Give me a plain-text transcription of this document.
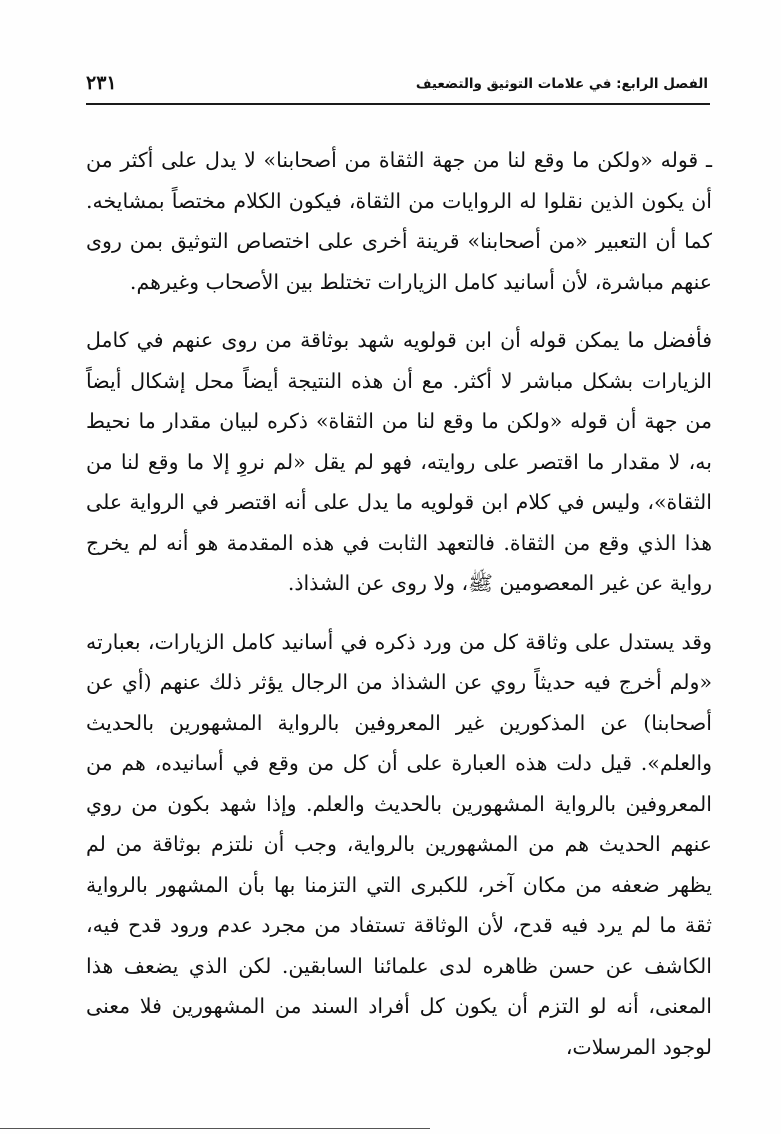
الفصل الرابع: في علامات التوثيق والتضعيف
٢٣١

ـ قوله «ولكن ما وقع لنا من جهة الثقاة من أصحابنا» لا يدل على أكثر من أن يكون الذين نقلوا له الروايات من الثقاة، فيكون الكلام مختصاً بمشايخه. كما أن التعبير «من أصحابنا» قرينة أخرى على اختصاص التوثيق بمن روى عنهم مباشرة، لأن أسانيد كامل الزيارات تختلط بين الأصحاب وغيرهم.

فأفضل ما يمكن قوله أن ابن قولويه شهد بوثاقة من روى عنهم في كامل الزيارات بشكل مباشر لا أكثر. مع أن هذه النتيجة أيضاً محل إشكال أيضاً من جهة أن قوله «ولكن ما وقع لنا من الثقاة» ذكره لبيان مقدار ما نحيط به، لا مقدار ما اقتصر على روايته، فهو لم يقل «لم نروِ إلا ما وقع لنا من الثقاة»، وليس في كلام ابن قولويه ما يدل على أنه اقتصر في الرواية على هذا الذي وقع من الثقاة. فالتعهد الثابت في هذه المقدمة هو أنه لم يخرج رواية عن غير المعصومين ﷺ، ولا روى عن الشذاذ.

وقد يستدل على وثاقة كل من ورد ذكره في أسانيد كامل الزيارات، بعبارته «ولم أخرج فيه حديثاً روي عن الشذاذ من الرجال يؤثر ذلك عنهم (أي عن أصحابنا) عن المذكورين غير المعروفين بالرواية المشهورين بالحديث والعلم». قيل دلت هذه العبارة على أن كل من وقع في أسانيده، هم من المعروفين بالرواية المشهورين بالحديث والعلم. وإذا شهد بكون من روي عنهم الحديث هم من المشهورين بالرواية، وجب أن نلتزم بوثاقة من لم يظهر ضعفه من مكان آخر، للكبرى التي التزمنا بها بأن المشهور بالرواية ثقة ما لم يرد فيه قدح، لأن الوثاقة تستفاد من مجرد عدم ورود قدح فيه، الكاشف عن حسن ظاهره لدى علمائنا السابقين. لكن الذي يضعف هذا المعنى، أنه لو التزم أن يكون كل أفراد السند من المشهورين فلا معنى لوجود المرسلات،
